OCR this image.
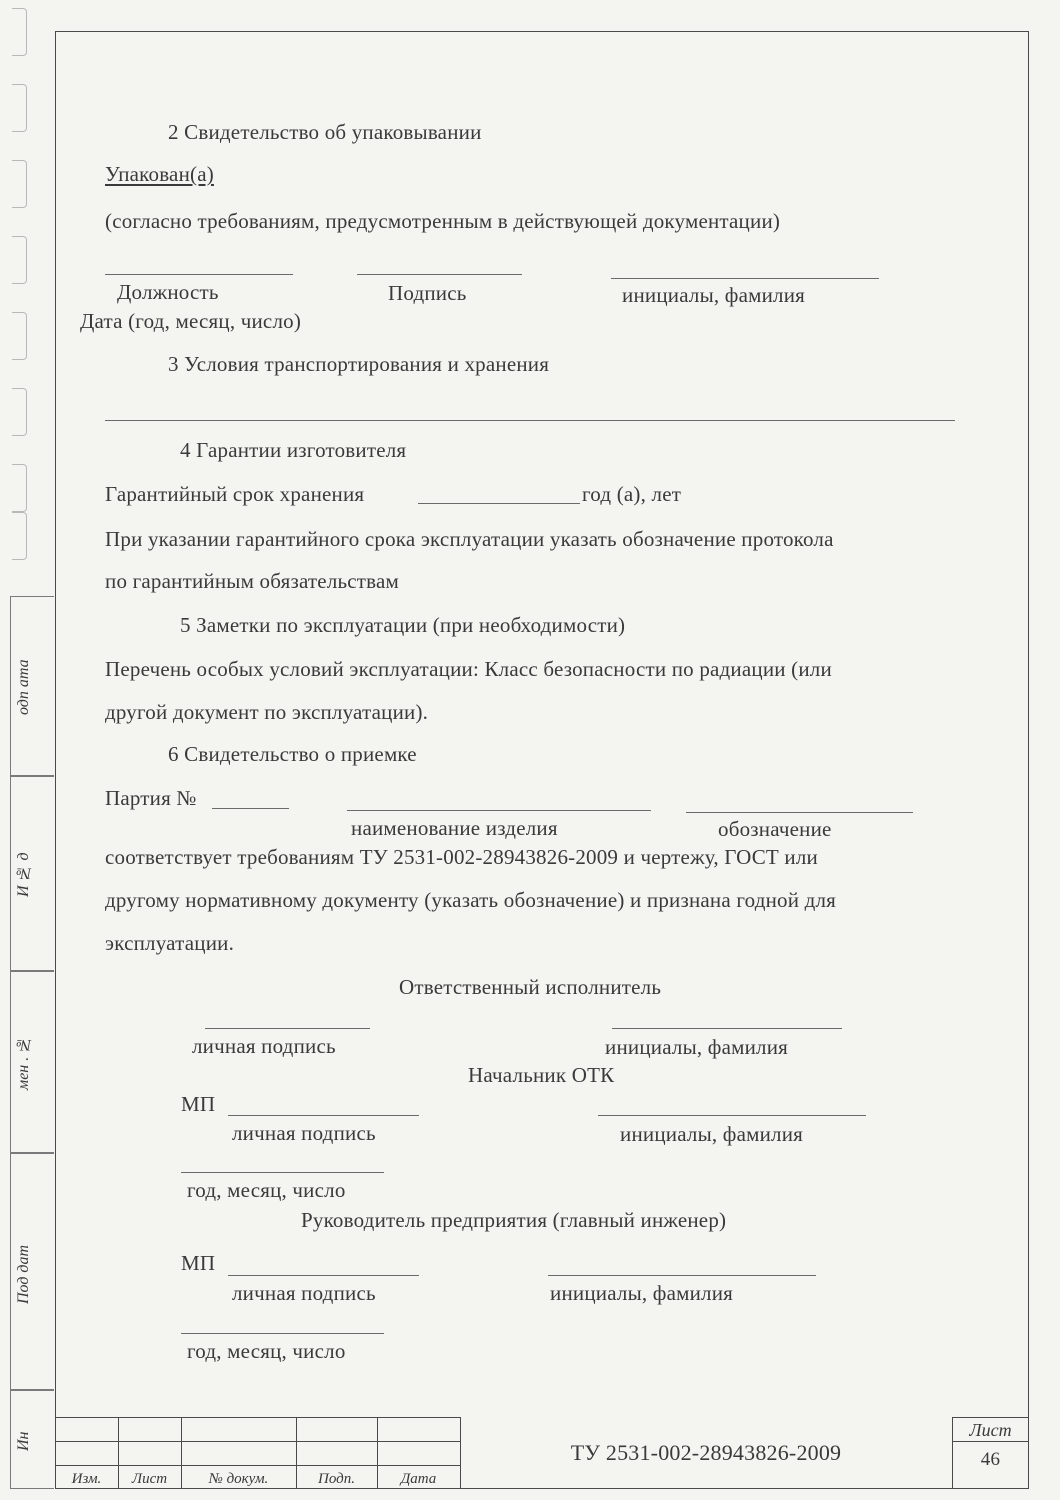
одп ата
И № д
мен . №
Под дат
Ин
2 Свидетельство об упаковывании
Упакован(а)
(согласно требованиям, предусмотренным в действующей документации)
Должность	Подпись	инициалы, фамилия
Дата (год, месяц, число)
3 Условия транспортирования и хранения
4 Гарантии изготовителя
Гарантийный срок хранения	год (а), лет
При указании гарантийного срока эксплуатации указать обозначение протокола
по гарантийным обязательствам
5 Заметки по эксплуатации (при необходимости)
Перечень особых условий эксплуатации: Класс безопасности по радиации (или
другой документ по эксплуатации).
6 Свидетельство о приемке
Партия №
наименование изделия	обозначение
соответствует требованиям ТУ 2531-002-28943826-2009 и чертежу, ГОСТ или
другому нормативному документу (указать обозначение) и признана годной для
эксплуатации.
Ответственный исполнитель
личная подпись	инициалы, фамилия
Начальник ОТК
МП
личная подпись	инициалы, фамилия
год, месяц, число
Руководитель предприятия (главный инженер)
МП
личная подпись	инициалы, фамилия
год, месяц, число
Изм.	Лист	№ докум.	Подп.	Дата
ТУ 2531-002-28943826-2009
Лист
46
